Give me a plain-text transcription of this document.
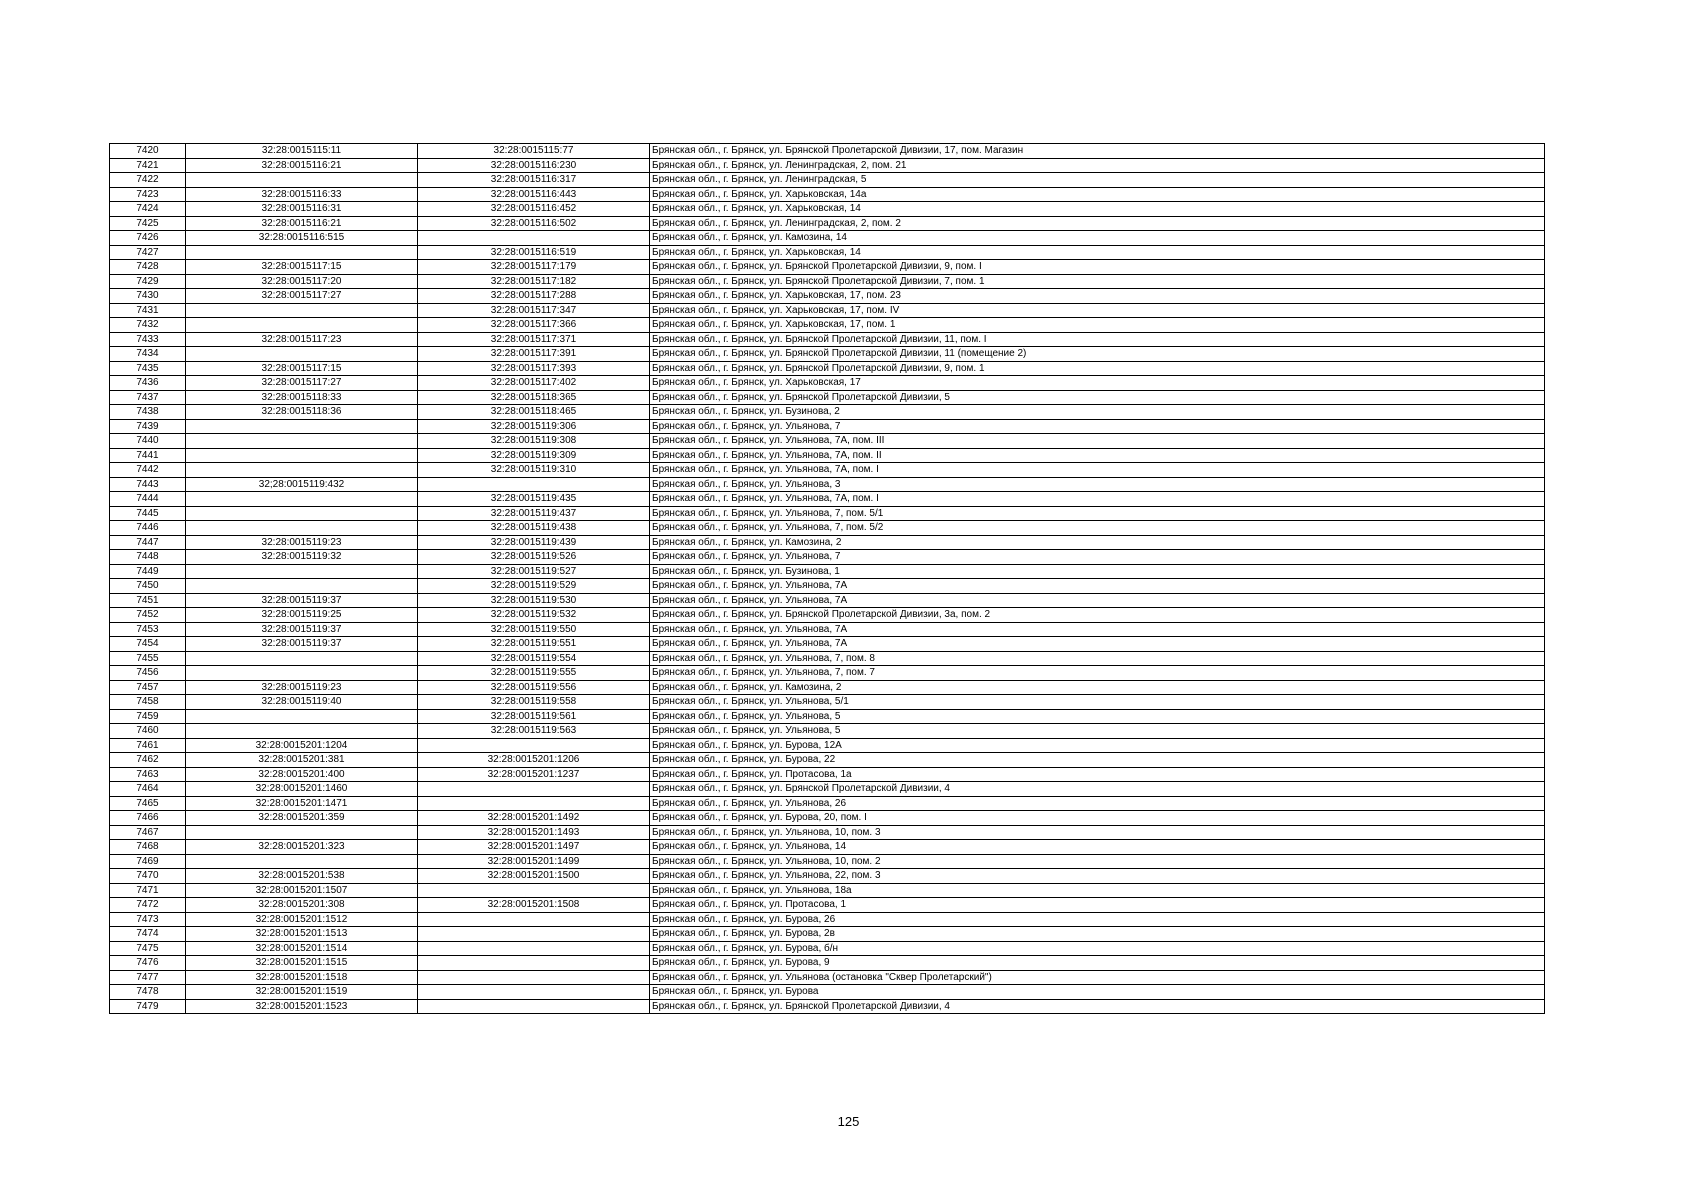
7420	32:28:0015115:11	32:28:0015115:77	Брянская обл., г. Брянск, ул. Брянской Пролетарской Дивизии, 17, пом. Магазин
7421	32:28:0015116:21	32:28:0015116:230	Брянская обл., г. Брянск, ул. Ленинградская, 2, пом. 21
7422		32:28:0015116:317	Брянская обл., г. Брянск, ул. Ленинградская, 5
7423	32:28:0015116:33	32:28:0015116:443	Брянская обл., г. Брянск, ул. Харьковская, 14а
7424	32:28:0015116:31	32:28:0015116:452	Брянская обл., г. Брянск, ул. Харьковская, 14
7425	32:28:0015116:21	32:28:0015116:502	Брянская обл., г. Брянск, ул. Ленинградская, 2, пом. 2
7426	32:28:0015116:515		Брянская обл., г. Брянск, ул. Камозина, 14
7427		32:28:0015116:519	Брянская обл., г. Брянск, ул. Харьковская, 14
7428	32:28:0015117:15	32:28:0015117:179	Брянская обл., г. Брянск, ул. Брянской Пролетарской Дивизии, 9, пом. I
7429	32:28:0015117:20	32:28:0015117:182	Брянская обл., г. Брянск, ул. Брянской Пролетарской Дивизии, 7, пом. 1
7430	32:28:0015117:27	32:28:0015117:288	Брянская обл., г. Брянск, ул. Харьковская, 17, пом. 23
7431		32:28:0015117:347	Брянская обл., г. Брянск, ул. Харьковская, 17, пом. IV
7432		32:28:0015117:366	Брянская обл., г. Брянск, ул. Харьковская, 17, пом. 1
7433	32:28:0015117:23	32:28:0015117:371	Брянская обл., г. Брянск, ул. Брянской Пролетарской Дивизии, 11, пом. I
7434		32:28:0015117:391	Брянская обл., г. Брянск, ул. Брянской Пролетарской Дивизии, 11 (помещение 2)
7435	32:28:0015117:15	32:28:0015117:393	Брянская обл., г. Брянск, ул. Брянской Пролетарской Дивизии, 9, пом. 1
7436	32:28:0015117:27	32:28:0015117:402	Брянская обл., г. Брянск, ул. Харьковская, 17
7437	32:28:0015118:33	32:28:0015118:365	Брянская обл., г. Брянск, ул. Брянской Пролетарской Дивизии, 5
7438	32:28:0015118:36	32:28:0015118:465	Брянская обл., г. Брянск, ул. Бузинова, 2
7439		32:28:0015119:306	Брянская обл., г. Брянск, ул. Ульянова, 7
7440		32:28:0015119:308	Брянская обл., г. Брянск, ул. Ульянова, 7А, пом. III
7441		32:28:0015119:309	Брянская обл., г. Брянск, ул. Ульянова, 7А, пом. II
7442		32:28:0015119:310	Брянская обл., г. Брянск, ул. Ульянова, 7А, пом. I
7443	32;28:0015119:432		Брянская обл., г. Брянск, ул. Ульянова, 3
7444		32:28:0015119:435	Брянская обл., г. Брянск, ул. Ульянова, 7А, пом. I
7445		32:28:0015119:437	Брянская обл., г. Брянск, ул. Ульянова, 7, пом. 5/1
7446		32:28:0015119:438	Брянская обл., г. Брянск, ул. Ульянова, 7, пом. 5/2
7447	32:28:0015119:23	32:28:0015119:439	Брянская обл., г. Брянск, ул. Камозина, 2
7448	32:28:0015119:32	32:28:0015119:526	Брянская обл., г. Брянск, ул. Ульянова, 7
7449		32:28:0015119:527	Брянская обл., г. Брянск, ул. Бузинова, 1
7450		32:28:0015119:529	Брянская обл., г. Брянск, ул. Ульянова, 7А
7451	32:28:0015119:37	32:28:0015119:530	Брянская обл., г. Брянск, ул. Ульянова, 7А
7452	32:28:0015119:25	32:28:0015119:532	Брянская обл., г. Брянск, ул. Брянской Пролетарской Дивизии, 3а, пом. 2
7453	32:28:0015119:37	32:28:0015119:550	Брянская обл., г. Брянск, ул. Ульянова, 7А
7454	32:28:0015119:37	32:28:0015119:551	Брянская обл., г. Брянск, ул. Ульянова, 7А
7455		32:28:0015119:554	Брянская обл., г. Брянск, ул. Ульянова, 7, пом. 8
7456		32:28:0015119:555	Брянская обл., г. Брянск, ул. Ульянова, 7, пом. 7
7457	32:28:0015119:23	32:28:0015119:556	Брянская обл., г. Брянск, ул. Камозина, 2
7458	32:28:0015119:40	32:28:0015119:558	Брянская обл., г. Брянск, ул. Ульянова, 5/1
7459		32:28:0015119:561	Брянская обл., г. Брянск, ул. Ульянова, 5
7460		32:28:0015119:563	Брянская обл., г. Брянск, ул. Ульянова, 5
7461	32:28:0015201:1204		Брянская обл., г. Брянск, ул. Бурова, 12А
7462	32:28:0015201:381	32:28:0015201:1206	Брянская обл., г. Брянск, ул. Бурова, 22
7463	32:28:0015201:400	32:28:0015201:1237	Брянская обл., г. Брянск, ул. Протасова, 1а
7464	32:28:0015201:1460		Брянская обл., г. Брянск, ул. Брянской Пролетарской Дивизии, 4
7465	32:28:0015201:1471		Брянская обл., г. Брянск, ул. Ульянова, 26
7466	32:28:0015201:359	32:28:0015201:1492	Брянская обл., г. Брянск, ул. Бурова, 20, пом. I
7467		32:28:0015201:1493	Брянская обл., г. Брянск, ул. Ульянова, 10, пом. 3
7468	32:28:0015201:323	32:28:0015201:1497	Брянская обл., г. Брянск, ул. Ульянова, 14
7469		32:28:0015201:1499	Брянская обл., г. Брянск, ул. Ульянова, 10, пом. 2
7470	32:28:0015201:538	32:28:0015201:1500	Брянская обл., г. Брянск, ул. Ульянова, 22, пом. 3
7471	32:28:0015201:1507		Брянская обл., г. Брянск, ул. Ульянова, 18а
7472	32:28:0015201:308	32:28:0015201:1508	Брянская обл., г. Брянск, ул. Протасова, 1
7473	32:28:0015201:1512		Брянская обл., г. Брянск, ул. Бурова, 26
7474	32:28:0015201:1513		Брянская обл., г. Брянск, ул. Бурова, 2в
7475	32:28:0015201:1514		Брянская обл., г. Брянск, ул. Бурова, б/н
7476	32:28:0015201:1515		Брянская обл., г. Брянск, ул. Бурова, 9
7477	32:28:0015201:1518		Брянская обл., г. Брянск, ул. Ульянова (остановка "Сквер Пролетарский")
7478	32:28:0015201:1519		Брянская обл., г. Брянск, ул. Бурова
7479	32:28:0015201:1523		Брянская обл., г. Брянск, ул. Брянской Пролетарской Дивизии, 4
125
